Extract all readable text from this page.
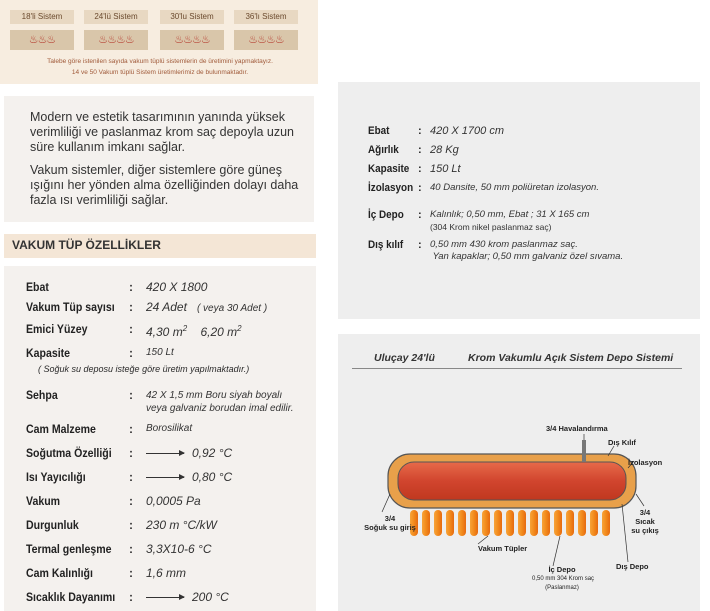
18'li Sistem	24'lü Sistem	30'lu Sistem	36'lı Sistem
♨♨♨	♨♨♨♨	♨♨♨♨	♨♨♨♨
Talebe göre istenilen sayıda vakum tüplü sistemlerin de üretimini yapmaktayız.
14 ve 50 Vakum tüplü Sistem üretimlerimiz de bulunmaktadır.

Modern ve estetik tasarımının yanında yüksek verimliliği ve paslanmaz krom saç depoyla uzun süre kullanım imkanı sağlar.

Vakum sistemler, diğer sistemlere göre güneş ışığını her yönden alma özelliğinden dolayı daha fazla ısı verimliliği sağlar.

VAKUM TÜP ÖZELLİKLER
Ebat	: 420 X 1800
Vakum Tüp sayısı : 24 Adet ( veya 30 Adet )
Emici Yüzey	: 4,30 $m^2$ 6,20 $m^2$
Kapasite	: 150 Lt
( Soğuk su deposu isteğe göre üretim yapılmaktadır.)
Sehpa	: 42 X 1,5 mm Boru siyah boyalı
veya galvaniz borudan imal edilir.
Cam Malzeme	: Borosilikat
Soğutma Özelliği :	0,92 °C
Isı Yayıcılığı	:	0,80 °C
Vakum	: 0,0005 Pa
Durgunluk	: 230 m °C/kW
Termal genleşme : 3,3X10-6 °C
Cam Kalınlığı	: 1,6 mm
Sıcaklık Dayanımı :	200 °C
Ebat	: 420 X 1700 cm
Ağırlık : 28 Kg
Kapasite : 150 Lt
İzolasyon : 40 Dansite, 50 mm poliüretan izolasyon.
İç Depo : Kalınlık; 0,50 mm, Ebat ; 31 X 165 cm
(304 Krom nikel paslanmaz saç)
Dış kılıf : 0,50 mm 430 krom paslanmaz saç.
Yan kapaklar; 0,50 mm galvaniz özel sıvama.
Uluçay 24'lü	Krom Vakumlu Açık Sistem Depo Sistemi
3/4 Havalandırma
Dış Kılıf
İzolasyon
3/4
Sıcak
su çıkış
3/4
Soğuk su giriş
Vakum Tüpler
İç Depo
0,50 mm 304 Krom saç
(Paslanmaz)
Dış Depo
